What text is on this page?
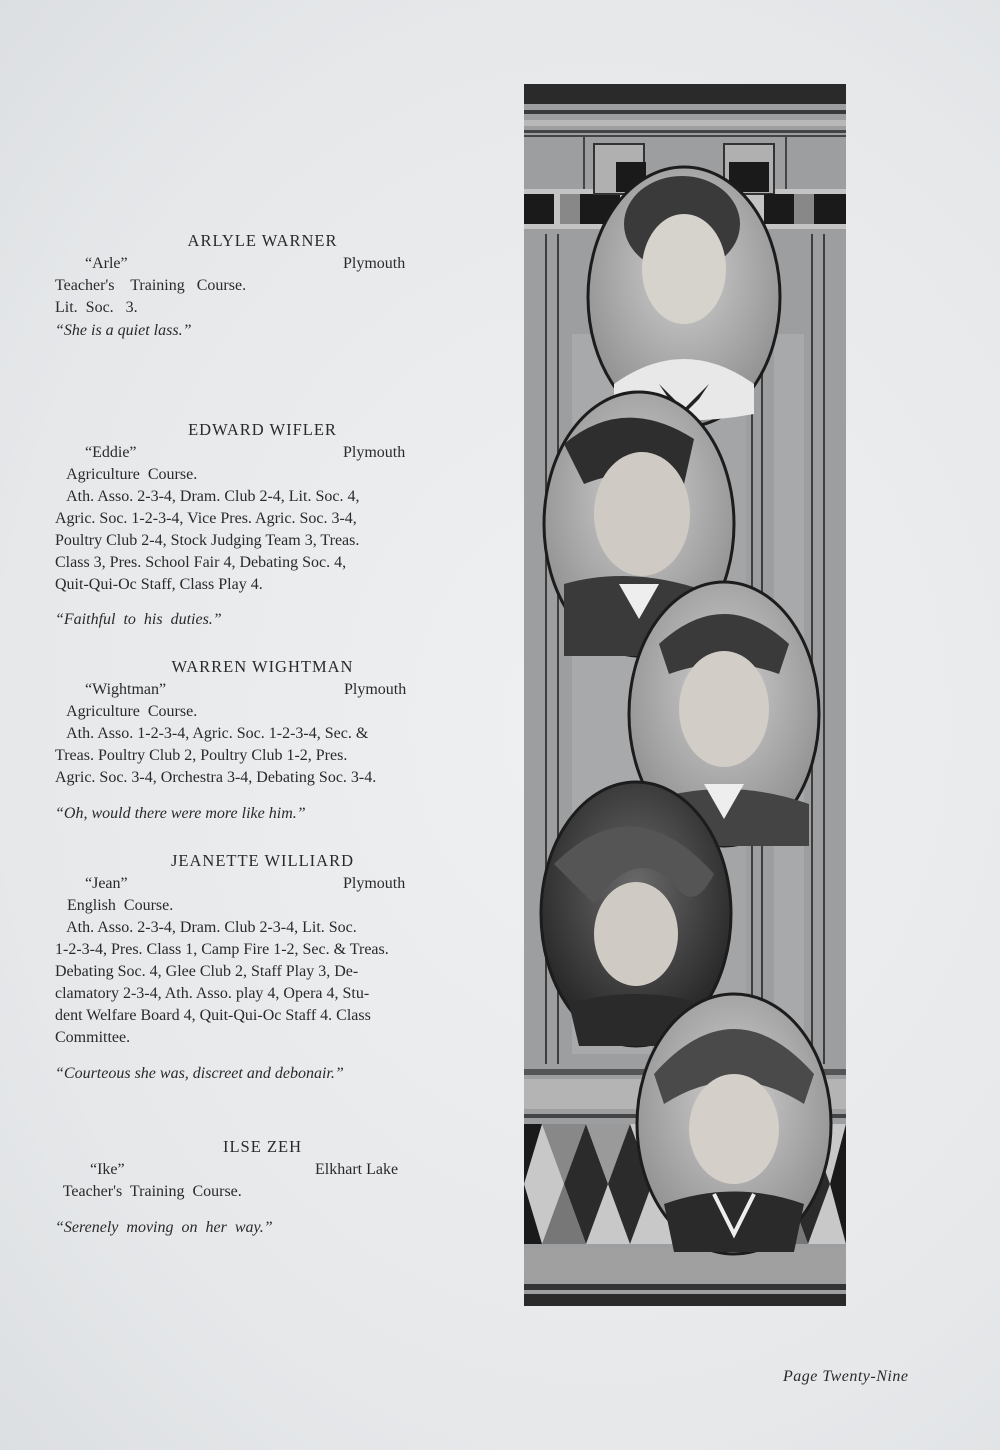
ARLYLE WARNER
“Arle”	Plymouth
Teacher's    Training   Course.
Lit.  Soc.   3.
“She is a quiet lass.”
EDWARD WIFLER
“Eddie”	Plymouth
Agriculture  Course.
Ath. Asso. 2-3-4, Dram. Club 2-4, Lit. Soc. 4,
Agric. Soc. 1-2-3-4, Vice Pres. Agric. Soc. 3-4,
Poultry Club 2-4, Stock Judging Team 3, Treas.
Class 3, Pres. School Fair 4, Debating Soc. 4,
Quit-Qui-Oc Staff, Class Play 4.
“Faithful  to  his  duties.”
WARREN WIGHTMAN
“Wightman”	Plymouth
Agriculture  Course.
Ath. Asso. 1-2-3-4, Agric. Soc. 1-2-3-4, Sec. &
Treas. Poultry Club 2, Poultry Club 1-2, Pres.
Agric. Soc. 3-4, Orchestra 3-4, Debating Soc. 3-4.
“Oh, would there were more like him.”
JEANETTE WILLIARD
“Jean”	Plymouth
English  Course.
Ath. Asso. 2-3-4, Dram. Club 2-3-4, Lit. Soc.
1-2-3-4, Pres. Class 1, Camp Fire 1-2, Sec. & Treas.
Debating Soc. 4, Glee Club 2, Staff Play 3, De-
clamatory 2-3-4, Ath. Asso. play 4, Opera 4, Stu-
dent Welfare Board 4, Quit-Qui-Oc Staff 4. Class
Committee.
“Courteous she was, discreet and debonair.”
ILSE ZEH
“Ike”	Elkhart Lake
Teacher's  Training  Course.
“Serenely  moving  on  her  way.”
Page Twenty-Nine
